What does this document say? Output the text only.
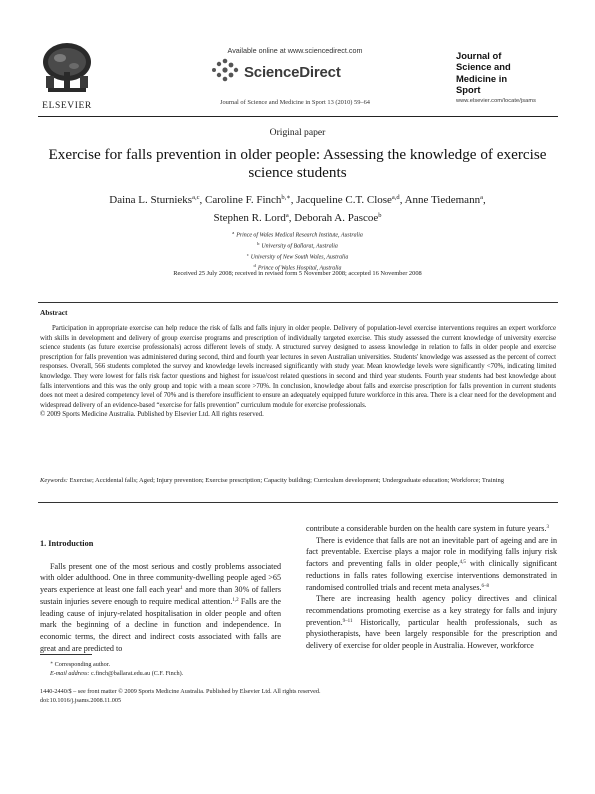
ELSEVIER
Available online at www.sciencedirect.com
ScienceDirect
Journal of Science and Medicine in Sport 13 (2010) 59–64
Journal of
Science and
Medicine in
Sport
www.elsevier.com/locate/jsams
Original paper
Exercise for falls prevention in older people: Assessing the knowledge of exercise science students
Daina L. Sturnieks$^{a,c}$, Caroline F. Finch$^{b,∗}$, Jacqueline C.T. Close$^{a,d}$, Anne Tiedemann$^a$,
Stephen R. Lord$^a$, Deborah A. Pascoe$^b$
$^a$ Prince of Wales Medical Research Institute, Australia
$^b$ University of Ballarat, Australia
$^c$ University of New South Wales, Australia
$^d$ Prince of Wales Hospital, Australia
Received 25 July 2008; received in revised form 5 November 2008; accepted 16 November 2008
Abstract

Participation in appropriate exercise can help reduce the risk of falls and falls injury in older people. Delivery of population-level exercise interventions requires an expert workforce with skills in development and delivery of group exercise programs and prescription of individually targeted exercise. This study assessed the current knowledge of university exercise science students (as future exercise professionals) across different levels of study. A structured survey designed to assess knowledge in relation to falls in older people and exercise prescription for falls prevention was administered during second, third and fourth year lectures in seven Australian universities. Students' knowledge was assessed as the percent of correct responses. Overall, 566 students completed the survey and knowledge levels increased significantly with study year. Mean knowledge levels were significantly <70%, indicating limited knowledge. They were lowest for falls risk factor questions and highest for issue/cost related questions in second and third year students. Fourth year students had best knowledge about falls interventions and this was the only group and topic with a mean score >70%. In conclusion, knowledge about falls and exercise prescription for falls prevention in current students does not meet a desired competency level of 70% and is therefore insufficient to ensure an adequately equipped future workforce in this area. There is a clear need for the development and widespread delivery of an evidence-based “exercise for falls prevention” curriculum module for exercise professionals.

© 2009 Sports Medicine Australia. Published by Elsevier Ltd. All rights reserved.
Keywords: Exercise; Accidental falls; Aged; Injury prevention; Exercise prescription; Capacity building; Curriculum development; Undergraduate education; Workforce; Training
1. Introduction

Falls present one of the most serious and costly problems associated with older adulthood. One in three community-dwelling people aged >65 years experience at least one fall each year$^1$ and more than 30% of fallers sustain injuries severe enough to require medical attention.$^{1,2}$ Falls are the leading cause of injury-related hospitalisation in older people and often mark the beginning of a decline in function and independence. In economic terms, the direct and indirect costs associated with falls are great and are predicted to

contribute a considerable burden on the health care system in future years.$^3$

There is evidence that falls are not an inevitable part of ageing and are in fact preventable. Exercise plays a major role in modifying falls injury risk factors and preventing falls in older people,$^{4,5}$ with clinically significant reductions in falls rates following exercise interventions demonstrated in randomised controlled trials and recent meta analyses.$^{6-8}$

There are increasing health agency policy directives and clinical recommendations promoting exercise as a key strategy for falls and injury prevention.$^{9-11}$ Historically, particular health professionals, such as physiotherapists, have been largely responsible for the prescription and delivery of exercise for older people in Australia. However, workforce

∗ Corresponding author.
E-mail address: c.finch@ballarat.edu.au (C.F. Finch).
1440-2440/$ – see front matter © 2009 Sports Medicine Australia. Published by Elsevier Ltd. All rights reserved.
doi:10.1016/j.jsams.2008.11.005
